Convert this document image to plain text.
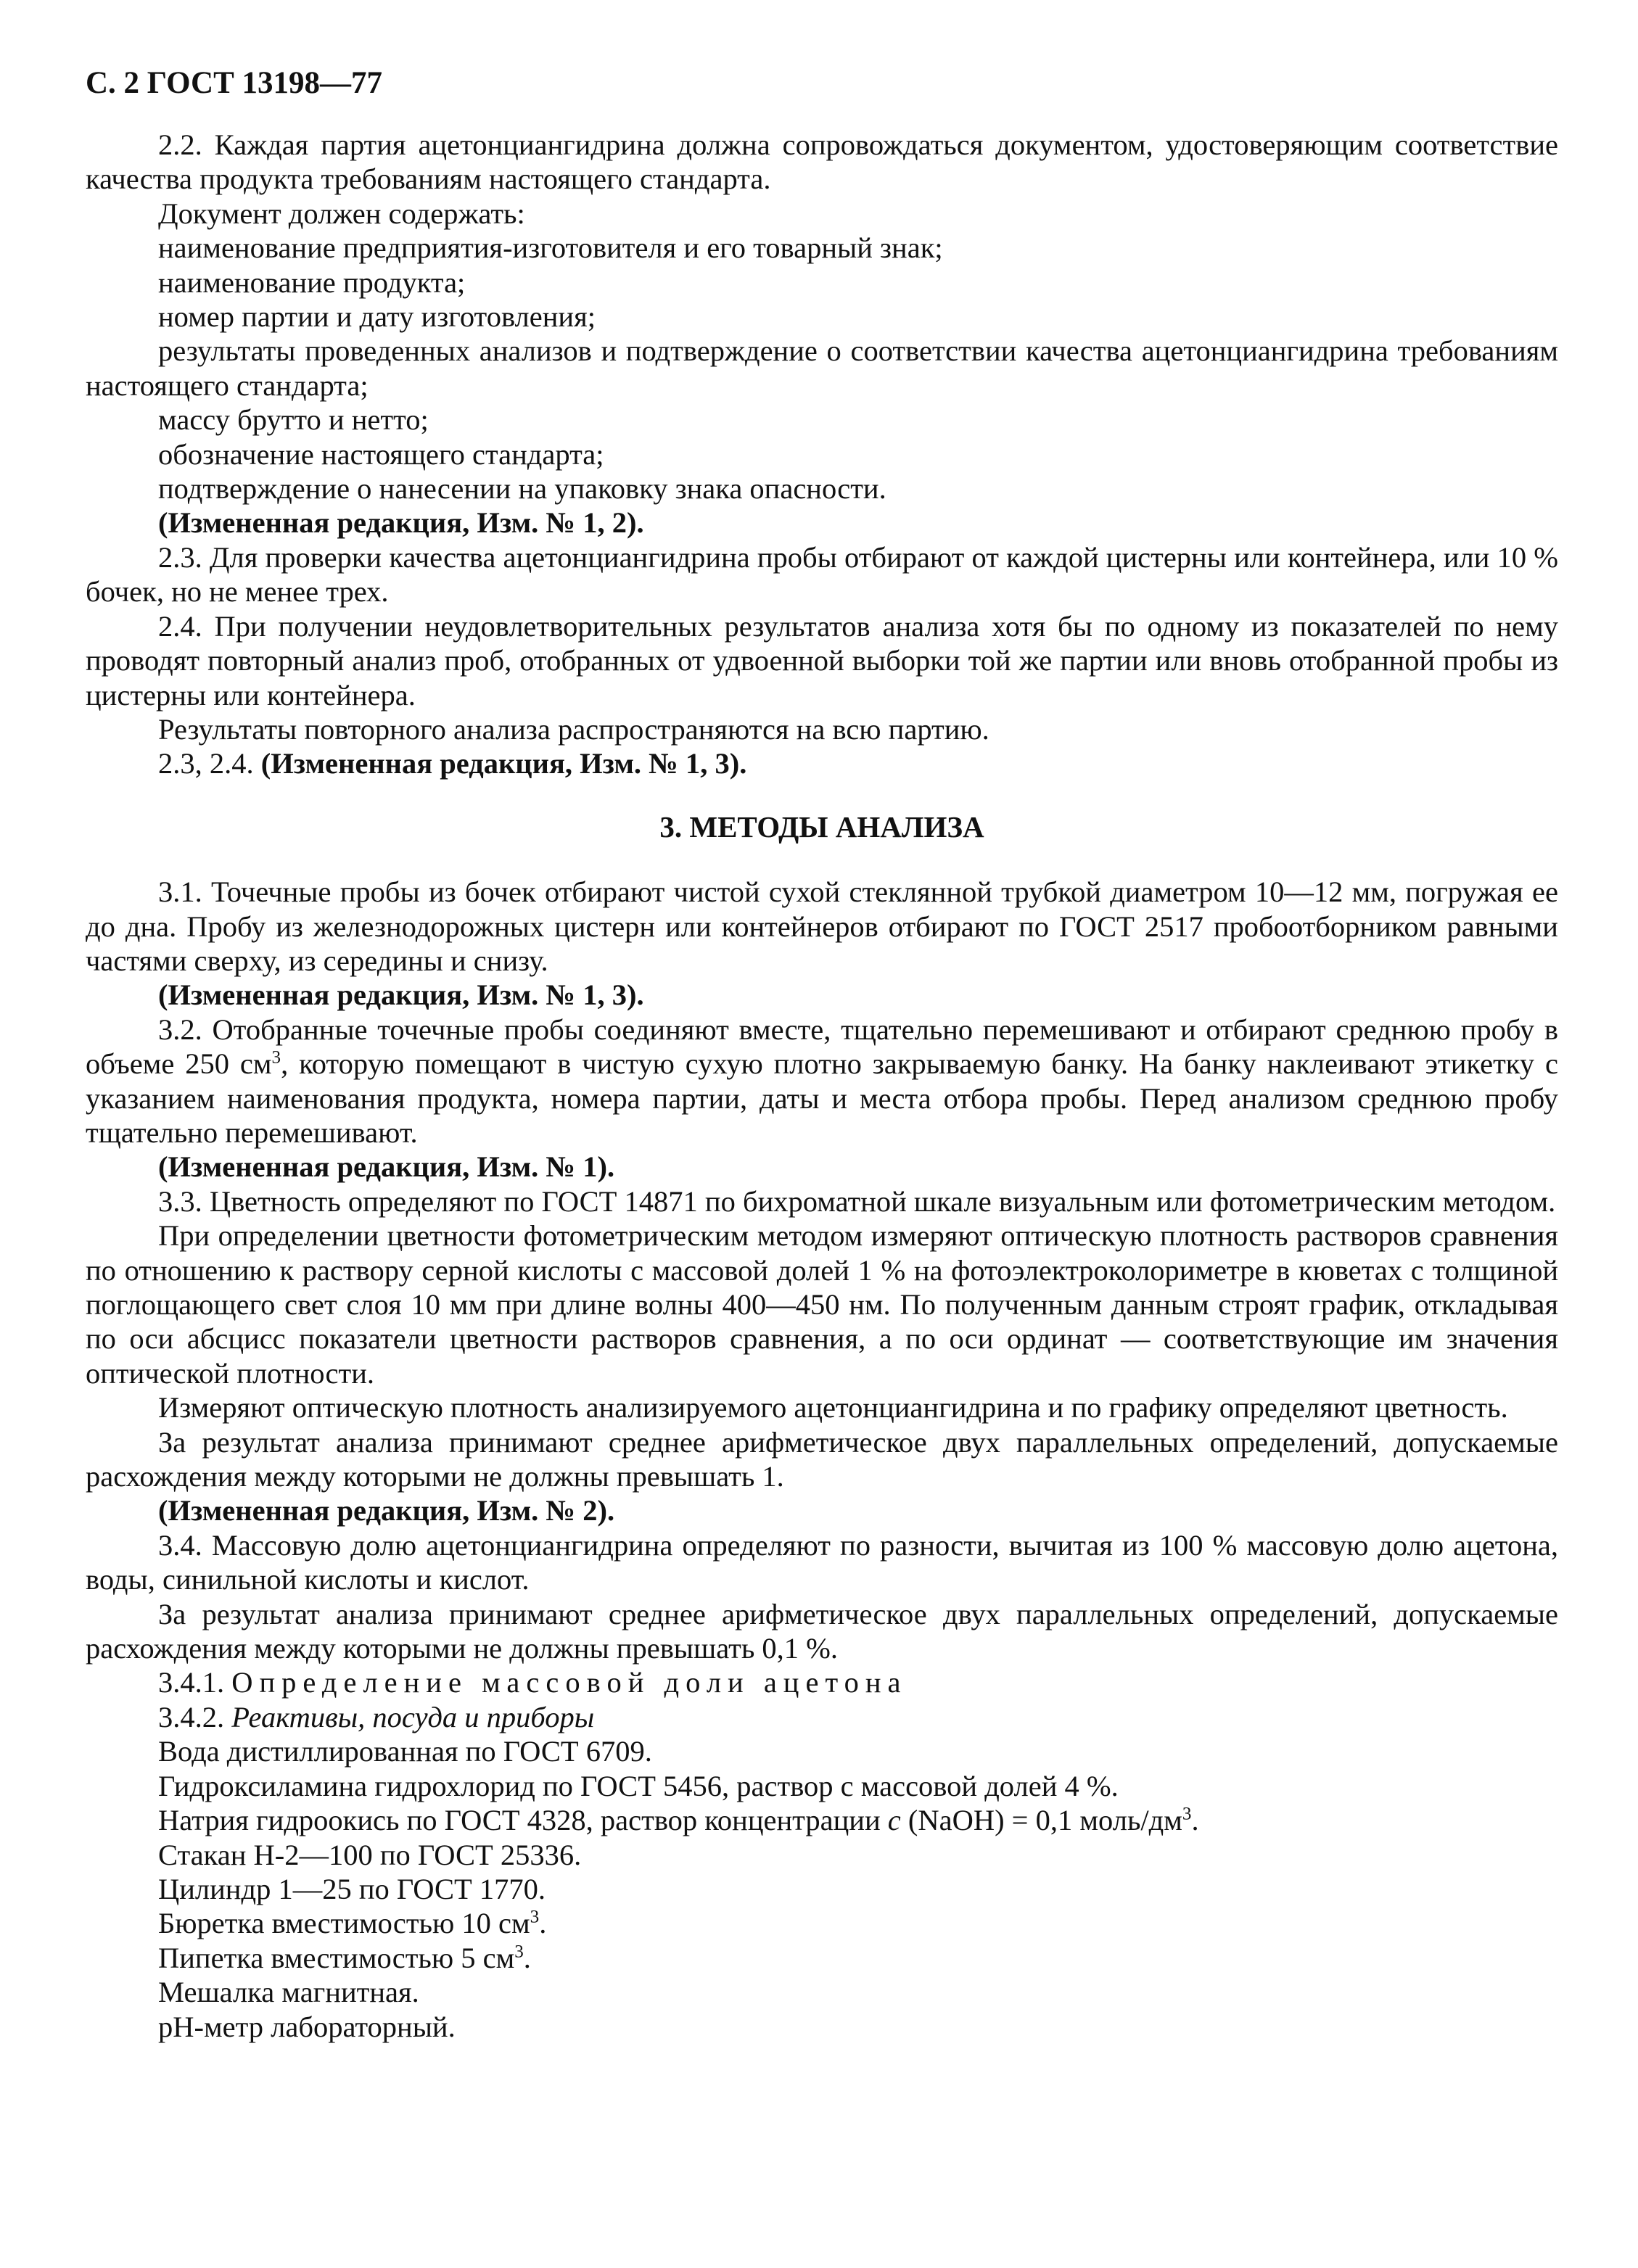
С. 2 ГОСТ 13198—77

2.2. Каждая партия ацетонциангидрина должна сопровождаться документом, удостоверяющим соответствие качества продукта требованиям настоящего стандарта.

Документ должен содержать:

наименование предприятия-изготовителя и его товарный знак;

наименование продукта;

номер партии и дату изготовления;

результаты проведенных анализов и подтверждение о соответствии качества ацетонциангидрина требованиям настоящего стандарта;

массу брутто и нетто;

обозначение настоящего стандарта;

подтверждение о нанесении на упаковку знака опасности.

(Измененная редакция, Изм. № 1, 2).

2.3. Для проверки качества ацетонциангидрина пробы отбирают от каждой цистерны или контейнера, или 10 % бочек, но не менее трех.

2.4. При получении неудовлетворительных результатов анализа хотя бы по одному из показателей по нему проводят повторный анализ проб, отобранных от удвоенной выборки той же партии или вновь отобранной пробы из цистерны или контейнера.

Результаты повторного анализа распространяются на всю партию.

2.3, 2.4. (Измененная редакция, Изм. № 1, 3).

3. МЕТОДЫ АНАЛИЗА

3.1. Точечные пробы из бочек отбирают чистой сухой стеклянной трубкой диаметром 10—12 мм, погружая ее до дна. Пробу из железнодорожных цистерн или контейнеров отбирают по ГОСТ 2517 пробоотборником равными частями сверху, из середины и снизу.

(Измененная редакция, Изм. № 1, 3).

3.2. Отобранные точечные пробы соединяют вместе, тщательно перемешивают и отбирают среднюю пробу в объеме 250 $см^3$, которую помещают в чистую сухую плотно закрываемую банку. На банку наклеивают этикетку с указанием наименования продукта, номера партии, даты и места отбора пробы. Перед анализом среднюю пробу тщательно перемешивают.

(Измененная редакция, Изм. № 1).

3.3. Цветность определяют по ГОСТ 14871 по бихроматной шкале визуальным или фотометрическим методом.

При определении цветности фотометрическим методом измеряют оптическую плотность растворов сравнения по отношению к раствору серной кислоты с массовой долей 1 % на фотоэлектроколориметре в кюветах с толщиной поглощающего свет слоя 10 мм при длине волны 400—450 нм. По полученным данным строят график, откладывая по оси абсцисс показатели цветности растворов сравнения, а по оси ординат — соответствующие им значения оптической плотности.

Измеряют оптическую плотность анализируемого ацетонциангидрина и по графику определяют цветность.

За результат анализа принимают среднее арифметическое двух параллельных определений, допускаемые расхождения между которыми не должны превышать 1.

(Измененная редакция, Изм. № 2).

3.4. Массовую долю ацетонциангидрина определяют по разности, вычитая из 100 % массовую долю ацетона, воды, синильной кислоты и кислот.

За результат анализа принимают среднее арифметическое двух параллельных определений, допускаемые расхождения между которыми не должны превышать 0,1 %.

3.4.1. Определение массовой доли ацетона

3.4.2. Реактивы, посуда и приборы

Вода дистиллированная по ГОСТ 6709.

Гидроксиламина гидрохлорид по ГОСТ 5456, раствор с массовой долей 4 %.

Натрия гидроокись по ГОСТ 4328, раствор концентрации c (NaOH) = 0,1 моль/$дм^3$.

Стакан Н-2—100 по ГОСТ 25336.

Цилиндр 1—25 по ГОСТ 1770.

Бюретка вместимостью 10 $см^3$.

Пипетка вместимостью 5 $см^3$.

Мешалка магнитная.

pH-метр лабораторный.
